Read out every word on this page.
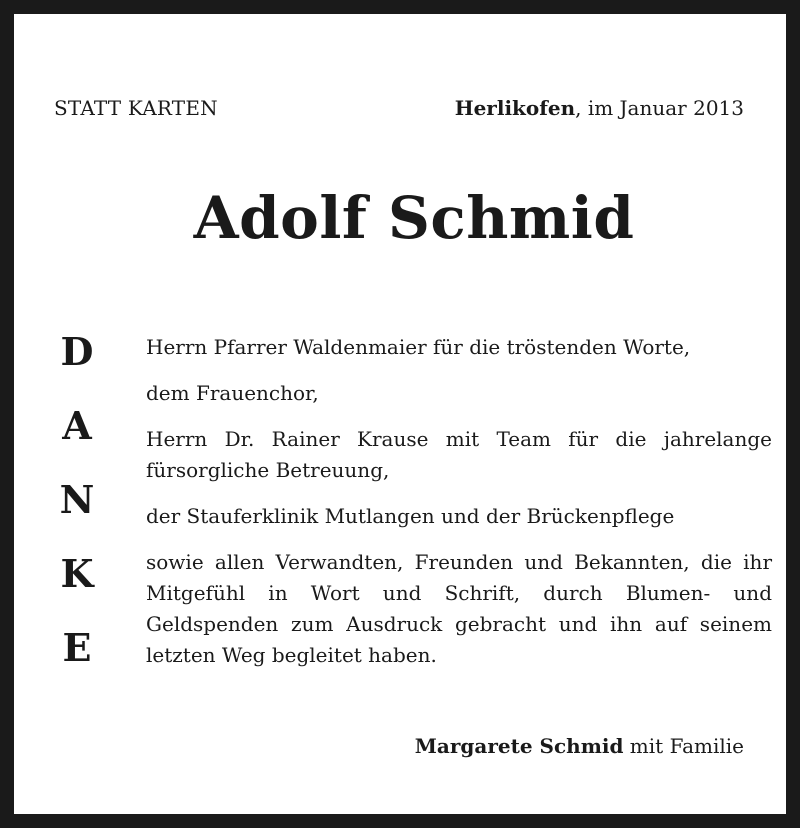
STATT KARTEN	Herlikofen, im Januar 2013
Adolf Schmid
D
A
N
K
E

Herrn Pfarrer Waldenmaier für die tröstenden Worte,

dem Frauenchor,

Herrn Dr. Rainer Krause mit Team für die jahrelange fürsorgliche Betreuung,

der Stauferklinik Mutlangen und der Brückenpflege

sowie allen Verwandten, Freunden und Bekannten, die ihr Mitgefühl in Wort und Schrift, durch Blumen- und Geldspenden zum Ausdruck gebracht und ihn auf seinem letzten Weg begleitet haben.

Margarete Schmid mit Familie
